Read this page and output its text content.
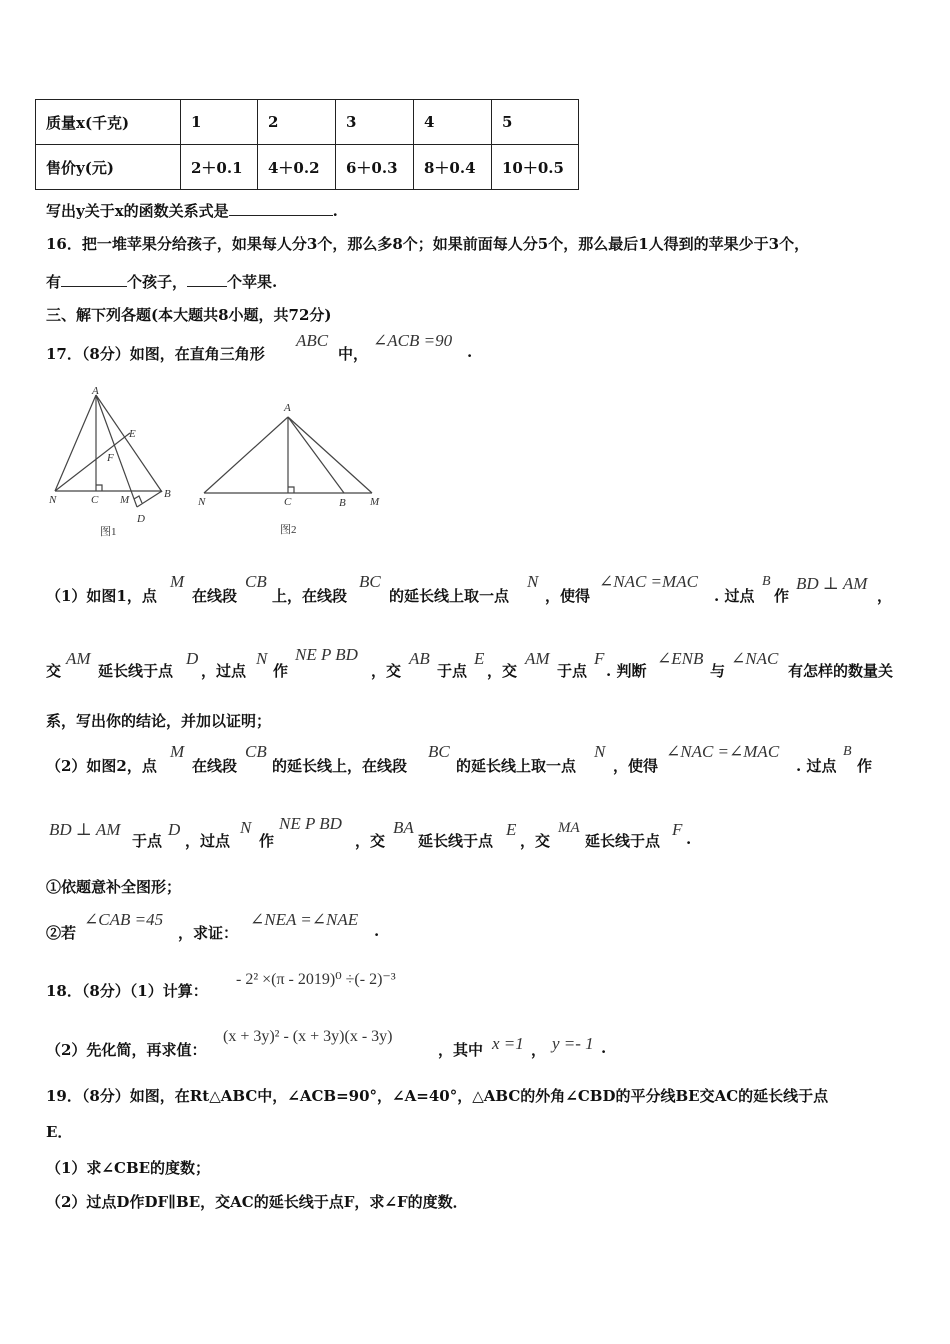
质量x(千克)	1	2	3	4	5
售价y(元)	2＋0.1	4＋0.2	6＋0.3	8＋0.4	10＋0.5
写出y关于x的函数关系式是	.
16．把一堆苹果分给孩子，如果每人分3个，那么多8个；如果前面每人分5个，那么最后1人得到的苹果少于3个，
有	个孩子，	个苹果.
三、解下列各题(本大题共8小题，共72分)
17．（8分）如图，在直角三角形
ABC
中，
∠ACB =90
.
A
E
F
N	C M	B
D
图1
A
N	C	B M
图2
（1）如图1，点
M
在线段
CB
上，在线段
BC
的延长线上取一点
N
，使得
∠NAC =MAC
. 过点
B
作
BD ⊥ AM
，
交
AM
延长线于点
D
，过点
N
作
NE P BD
，交
AB
于点
E
，交
AM
于点
F
. 判断
∠ENB
与
∠NAC
有怎样的数量关
系，写出你的结论，并加以证明；
（2）如图2，点
M
在线段
CB
的延长线上，在线段
BC
的延长线上取一点
N
，使得
∠NAC =∠MAC
. 过点
B
作
BD ⊥ AM
于点
D
，过点
N
作
NE P BD
，交
BA
延长线于点
E
，交
MA
延长线于点
F .
①依题意补全图形；
②若
∠CAB =45
，求证：
∠NEA =∠NAE
.
18．（8分）（1）计算：
- 2² ×(π - 2019)⁰ ÷(- 2)⁻³
（2）先化简，再求值：
(x + 3y)² - (x + 3y)(x - 3y)
，其中 x =1 ， y =- 1 .
19．（8分）如图，在Rt△ABC中，∠ACB=90°，∠A=40°，△ABC的外角∠CBD的平分线BE交AC的延长线于点
E．
（1）求∠CBE的度数；
（2）过点D作DF∥BE，交AC的延长线于点F，求∠F的度数．
